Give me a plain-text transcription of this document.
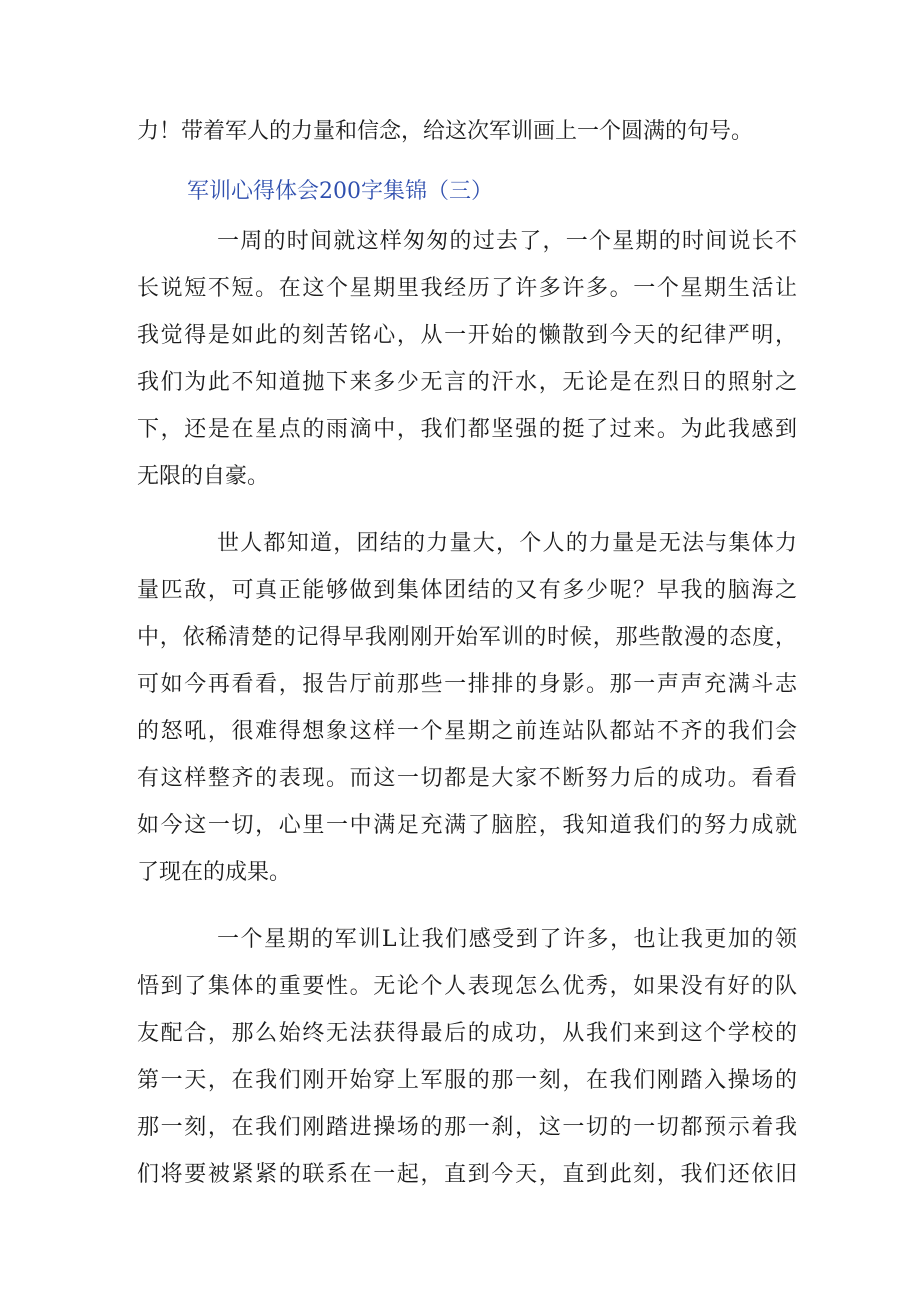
力！带着军人的力量和信念，给这次军训画上一个圆满的句号。
军训心得体会200字集锦（三）
一周的时间就这样匆匆的过去了，一个星期的时间说长不
长说短不短。在这个星期里我经历了许多许多。一个星期生活让
我觉得是如此的刻苦铭心，从一开始的懒散到今天的纪律严明，
我们为此不知道抛下来多少无言的汗水，无论是在烈日的照射之
下，还是在星点的雨滴中，我们都坚强的挺了过来。为此我感到
无限的自豪。
世人都知道，团结的力量大，个人的力量是无法与集体力
量匹敌，可真正能够做到集体团结的又有多少呢？早我的脑海之
中，依稀清楚的记得早我刚刚开始军训的时候，那些散漫的态度，
可如今再看看，报告厅前那些一排排的身影。那一声声充满斗志
的怒吼，很难得想象这样一个星期之前连站队都站不齐的我们会
有这样整齐的表现。而这一切都是大家不断努力后的成功。看看
如今这一切，心里一中满足充满了脑腔，我知道我们的努力成就
了现在的成果。
一个星期的军训L让我们感受到了许多，也让我更加的领
悟到了集体的重要性。无论个人表现怎么优秀，如果没有好的队
友配合，那么始终无法获得最后的成功，从我们来到这个学校的
第一天，在我们刚开始穿上军服的那一刻，在我们刚踏入操场的
那一刻，在我们刚踏进操场的那一刹，这一切的一切都预示着我
们将要被紧紧的联系在一起，直到今天，直到此刻，我们还依旧
